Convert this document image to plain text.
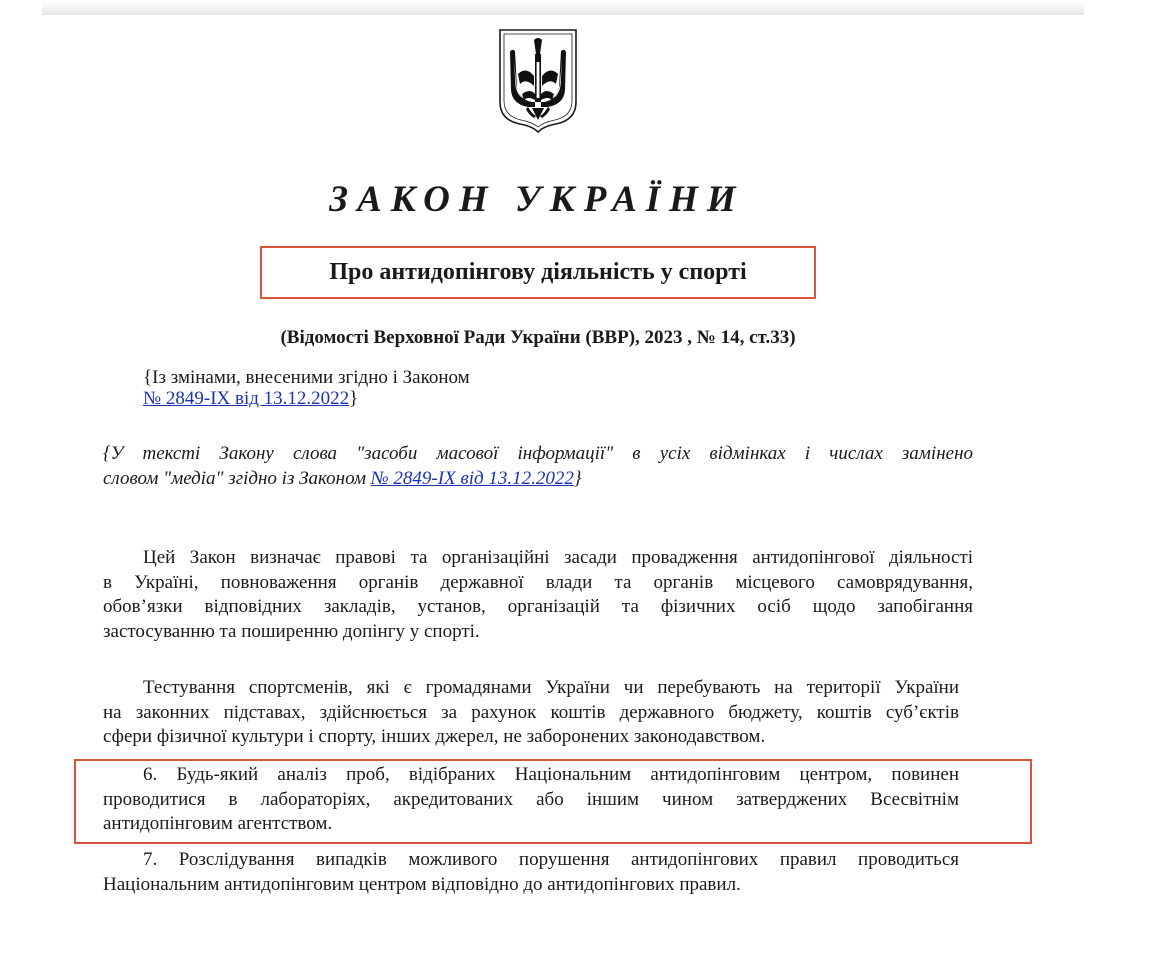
ЗАКОН УКРАЇНИ
Про антидопінгову діяльність у спорті
(Відомості Верховної Ради України (ВВР), 2023 , № 14, ст.33)
{Із змінами, внесеними згідно і Законом
№ 2849-IX від 13.12.2022}
{У тексті Закону слова "засоби масової інформації" в усіх відмінках і числах замінено
словом "медіа" згідно із Законом № 2849-IX від 13.12.2022}
Цей Закон визначає правові та організаційні засади провадження антидопінгової діяльності
в Україні, повноваження органів державної влади та органів місцевого самоврядування,
обов’язки відповідних закладів, установ, організацій та фізичних осіб щодо запобігання
застосуванню та поширенню допінгу у спорті.
Тестування спортсменів, які є громадянами України чи перебувають на території України
на законних підставах, здійснюється за рахунок коштів державного бюджету, коштів суб’єктів
сфери фізичної культури і спорту, інших джерел, не заборонених законодавством.
6. Будь-який аналіз проб, відібраних Національним антидопінговим центром, повинен
проводитися в лабораторіях, акредитованих або іншим чином затверджених Всесвітнім
антидопінговим агентством.
7. Розслідування випадків можливого порушення антидопінгових правил проводиться
Національним антидопінговим центром відповідно до антидопінгових правил.
